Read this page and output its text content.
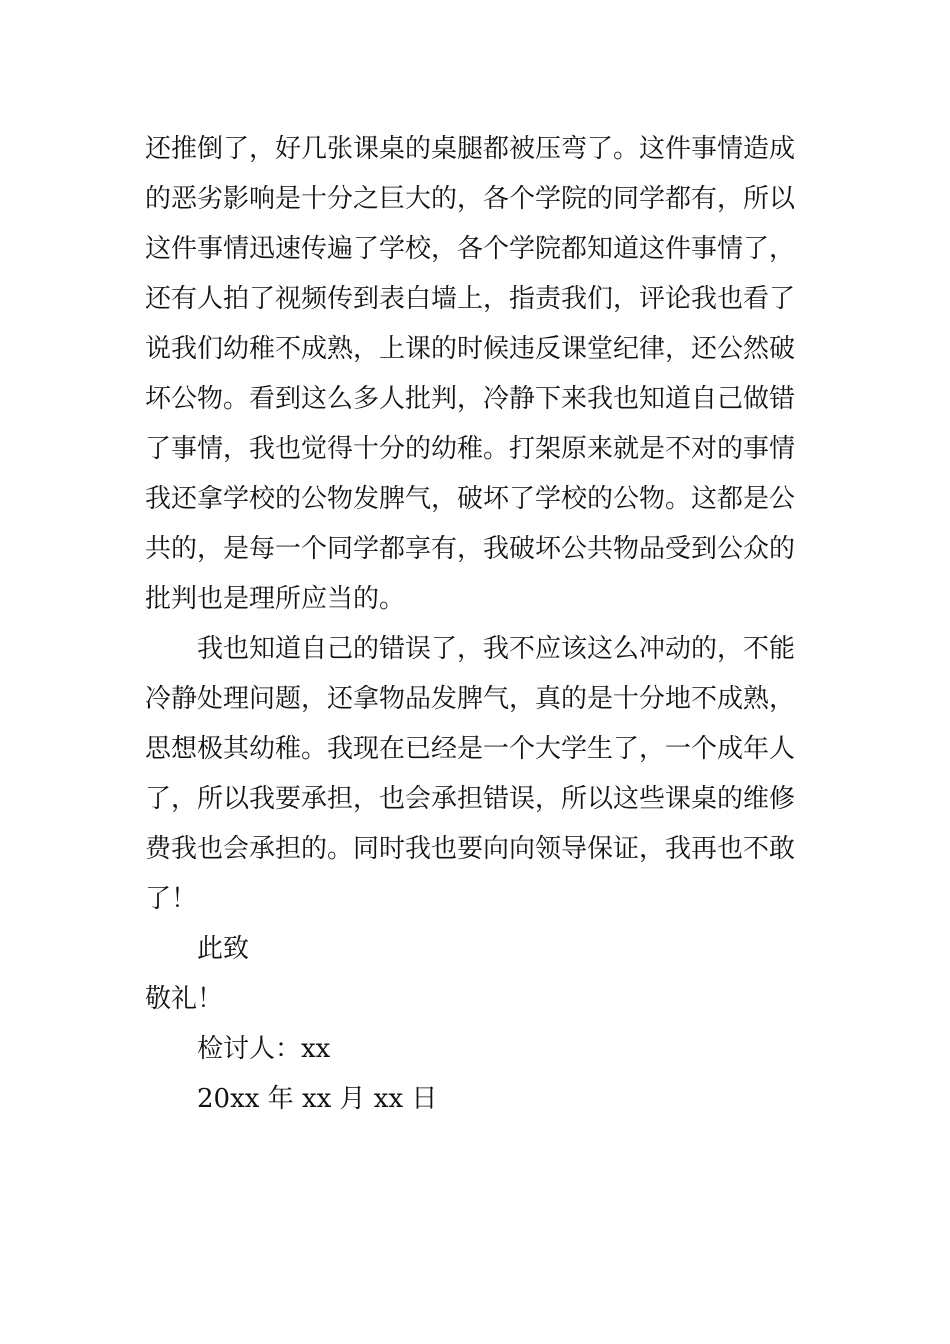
还推倒了，好几张课桌的桌腿都被压弯了。这件事情造成

的恶劣影响是十分之巨大的，各个学院的同学都有，所以

这件事情迅速传遍了学校，各个学院都知道这件事情了，

还有人拍了视频传到表白墙上，指责我们，评论我也看了

说我们幼稚不成熟，上课的时候违反课堂纪律，还公然破

坏公物。看到这么多人批判，冷静下来我也知道自己做错

了事情，我也觉得十分的幼稚。打架原来就是不对的事情

我还拿学校的公物发脾气，破坏了学校的公物。这都是公

共的，是每一个同学都享有，我破坏公共物品受到公众的

批判也是理所应当的。

我也知道自己的错误了，我不应该这么冲动的，不能

冷静处理问题，还拿物品发脾气，真的是十分地不成熟，

思想极其幼稚。我现在已经是一个大学生了，一个成年人

了，所以我要承担，也会承担错误，所以这些课桌的维修

费我也会承担的。同时我也要向向领导保证，我再也不敢

了！

此致

敬礼！

检讨人：xx

20xx 年 xx 月 xx 日
